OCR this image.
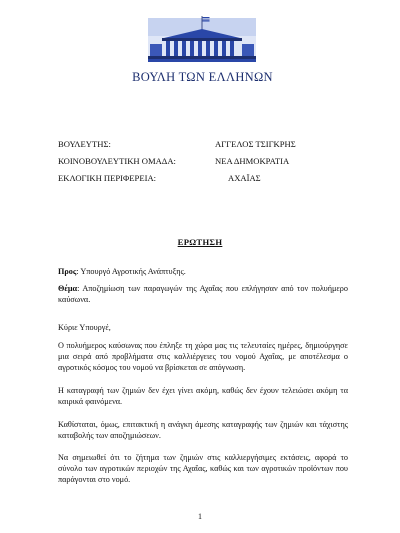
ΒΟΥΛΗ ΤΩΝ ΕΛΛΗΝΩΝ
ΒΟΥΛΕΥΤΗΣ:	ΑΓΓΕΛΟΣ ΤΣΙΓΚΡΗΣ
ΚΟΙΝΟΒΟΥΛΕΥΤΙΚΗ ΟΜΑΔΑ:	ΝΕΑ ΔΗΜΟΚΡΑΤΙΑ
ΕΚΛΟΓΙΚΗ ΠΕΡΙΦΕΡΕΙΑ:	ΑΧΑΪΑΣ
ΕΡΩΤΗΣΗ
Προς: Υπουργό Αγροτικής Ανάπτυξης.
Θέμα: Αποζημίωση των παραγωγών της Αχαΐας που επλήγησαν από τον πολυήμερο καύσωνα.
Κύριε Υπουργέ,
Ο πολυήμερος καύσωνας που έπληξε τη χώρα μας τις τελευταίες ημέρες, δημιούργησε μια σειρά από προβλήματα στις καλλιέργειες του νομού Αχαΐας, με αποτέλεσμα ο αγροτικός κόσμος του νομού να βρίσκεται σε απόγνωση.
Η καταγραφή των ζημιών δεν έχει γίνει ακόμη, καθώς δεν έχουν τελειώσει ακόμη τα καιρικά φαινόμενα.
Καθίσταται, όμως, επιτακτική η ανάγκη άμεσης καταγραφής των ζημιών και τάχιστης καταβολής των αποζημιώσεων.
Να σημειωθεί ότι το ζήτημα των ζημιών στις καλλιεργήσιμες εκτάσεις, αφορά το σύνολο των αγροτικών περιοχών της Αχαΐας, καθώς και των αγροτικών προϊόντων που παράγονται στο νομό.
1
